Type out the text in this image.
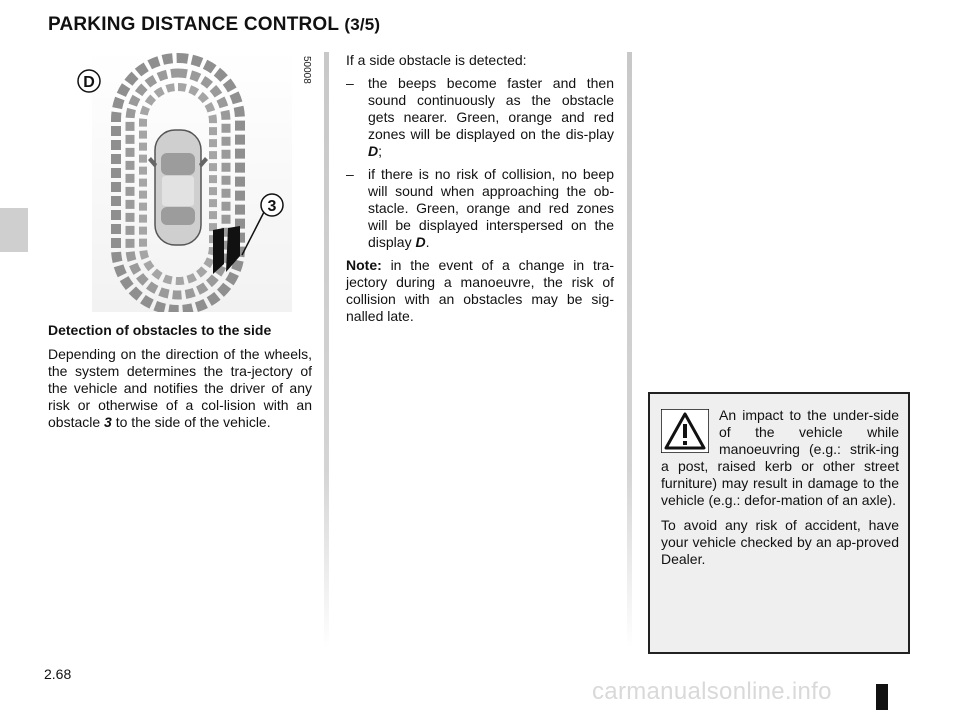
PARKING DISTANCE CONTROL (3/5)
D
3
50008
Detection of obstacles to the side

Depending on the direction of the wheels, the system determines the tra-jectory of the vehicle and notifies the driver of any risk or otherwise of a col-lision with an obstacle 3 to the side of the vehicle.

If a side obstacle is detected:

– the beeps become faster and then sound continuously as the obstacle gets nearer. Green, orange and red zones will be displayed on the dis-play D;

– if there is no risk of collision, no beep will sound when approaching the ob-stacle. Green, orange and red zones will be displayed interspersed on the display D.

Note: in the event of a change in tra-jectory during a manoeuvre, the risk of collision with an obstacles may be sig-nalled late.

An impact to the under-side of the vehicle while manoeuvring (e.g.: strik-ing a post, raised kerb or other street furniture) may result in damage to the vehicle (e.g.: defor-mation of an axle).

To avoid any risk of accident, have your vehicle checked by an ap-proved Dealer.

2.68
carmanualsonline.info
